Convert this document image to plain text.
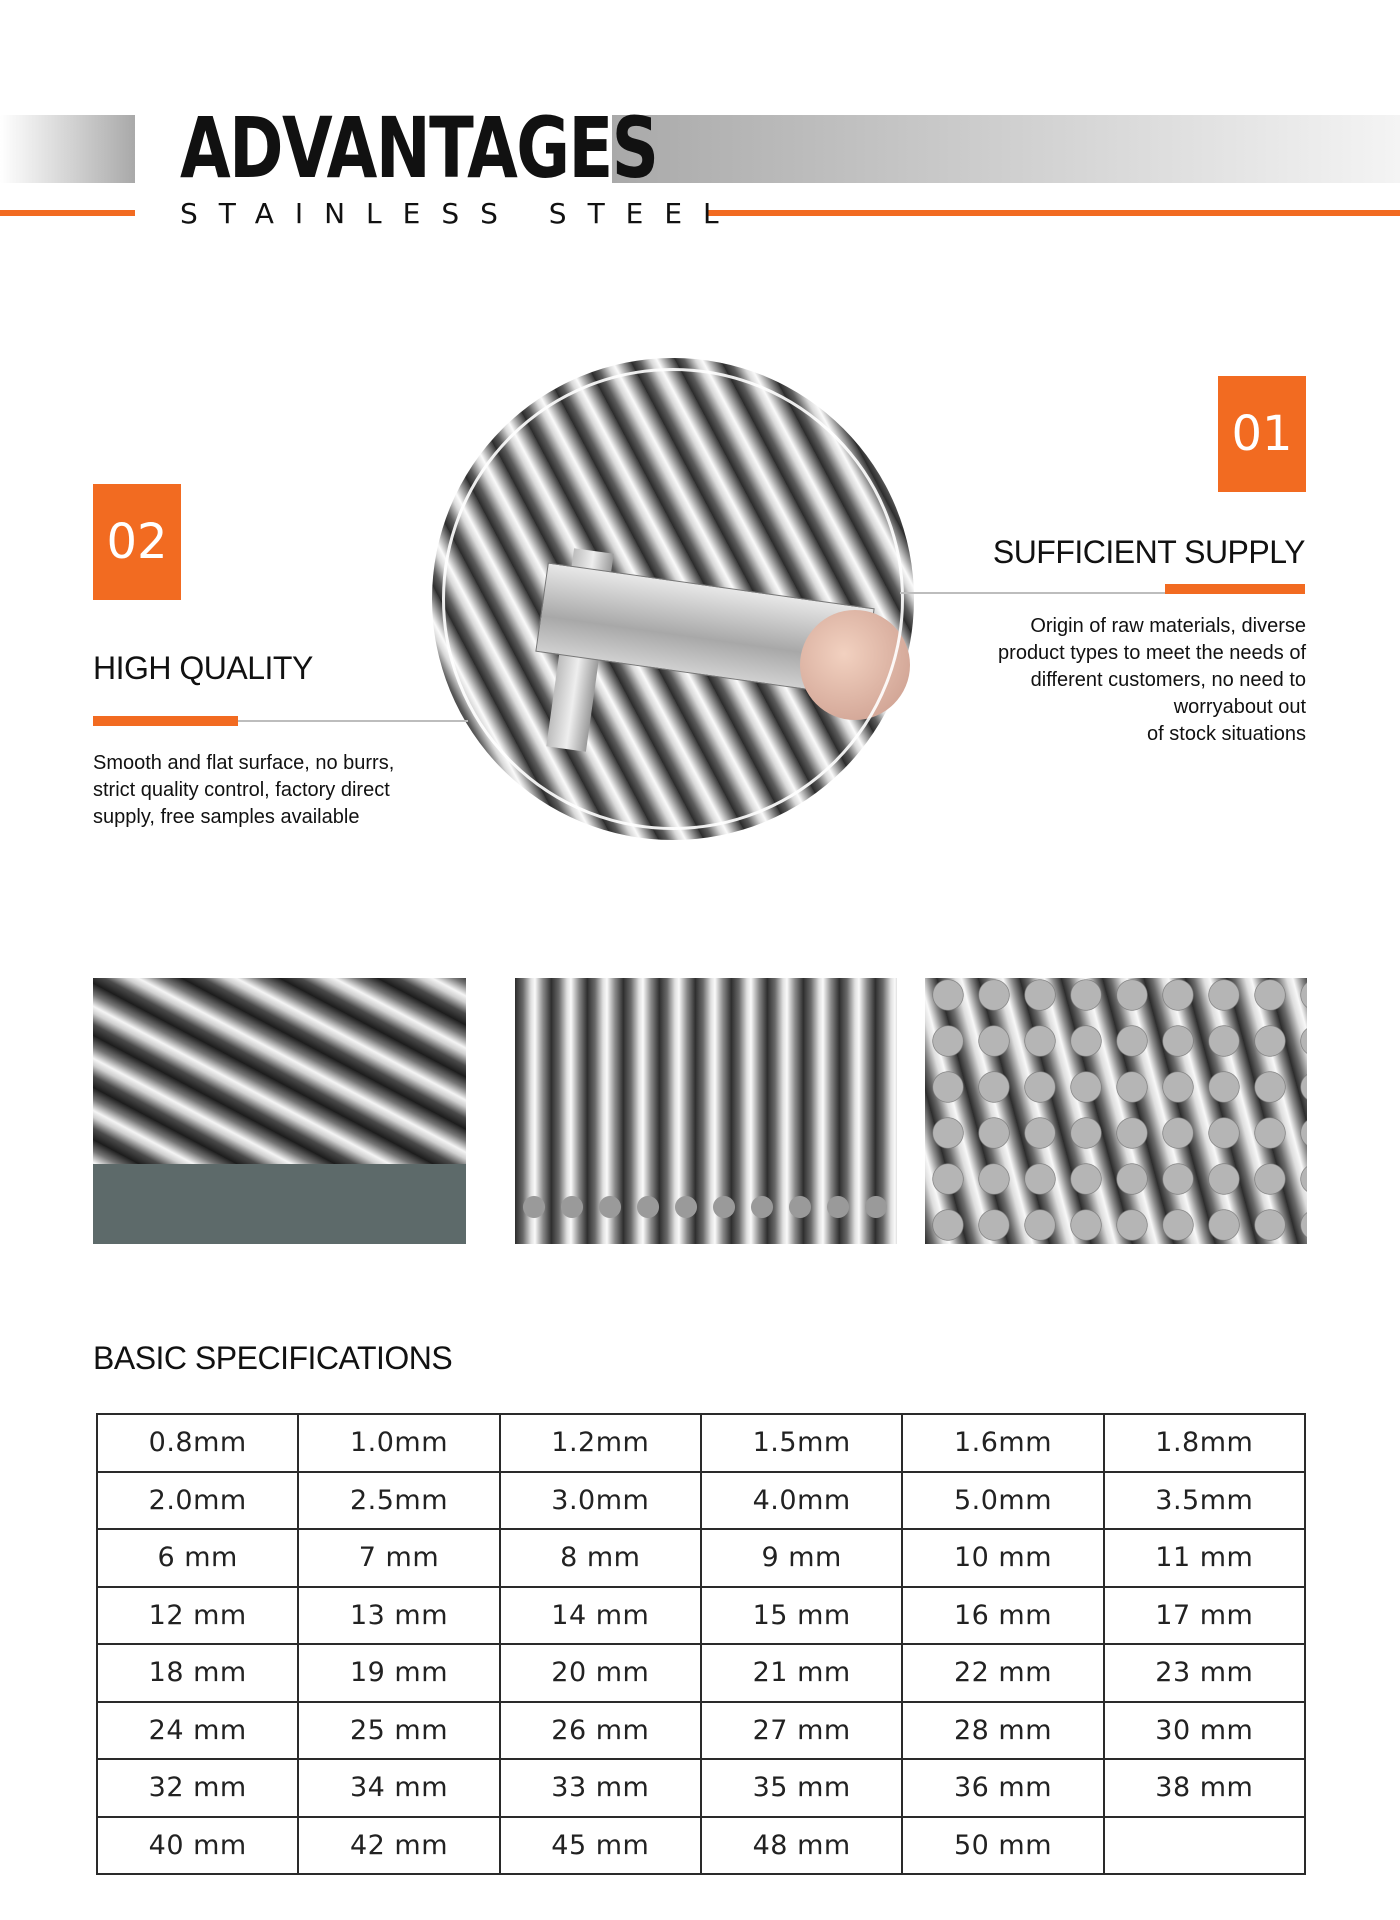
ADVANTAGES
STAINLESS STEEL
02
HIGH QUALITY
Smooth and flat surface, no burrs,
strict quality control, factory direct
supply, free samples available
01
SUFFICIENT SUPPLY
Origin of raw materials, diverse
product types to meet the needs of
different customers, no need to
worryabout out
of stock situations
BASIC SPECIFICATIONS
0.8mm	1.0mm	1.2mm	1.5mm	1.6mm	1.8mm
2.0mm	2.5mm	3.0mm	4.0mm	5.0mm	3.5mm
6 mm	7 mm	8 mm	9 mm	10 mm	11 mm
12 mm	13 mm	14 mm	15 mm	16 mm	17 mm
18 mm	19 mm	20 mm	21 mm	22 mm	23 mm
24 mm	25 mm	26 mm	27 mm	28 mm	30 mm
32 mm	34 mm	33 mm	35 mm	36 mm	38 mm
40 mm	42 mm	45 mm	48 mm	50 mm	
